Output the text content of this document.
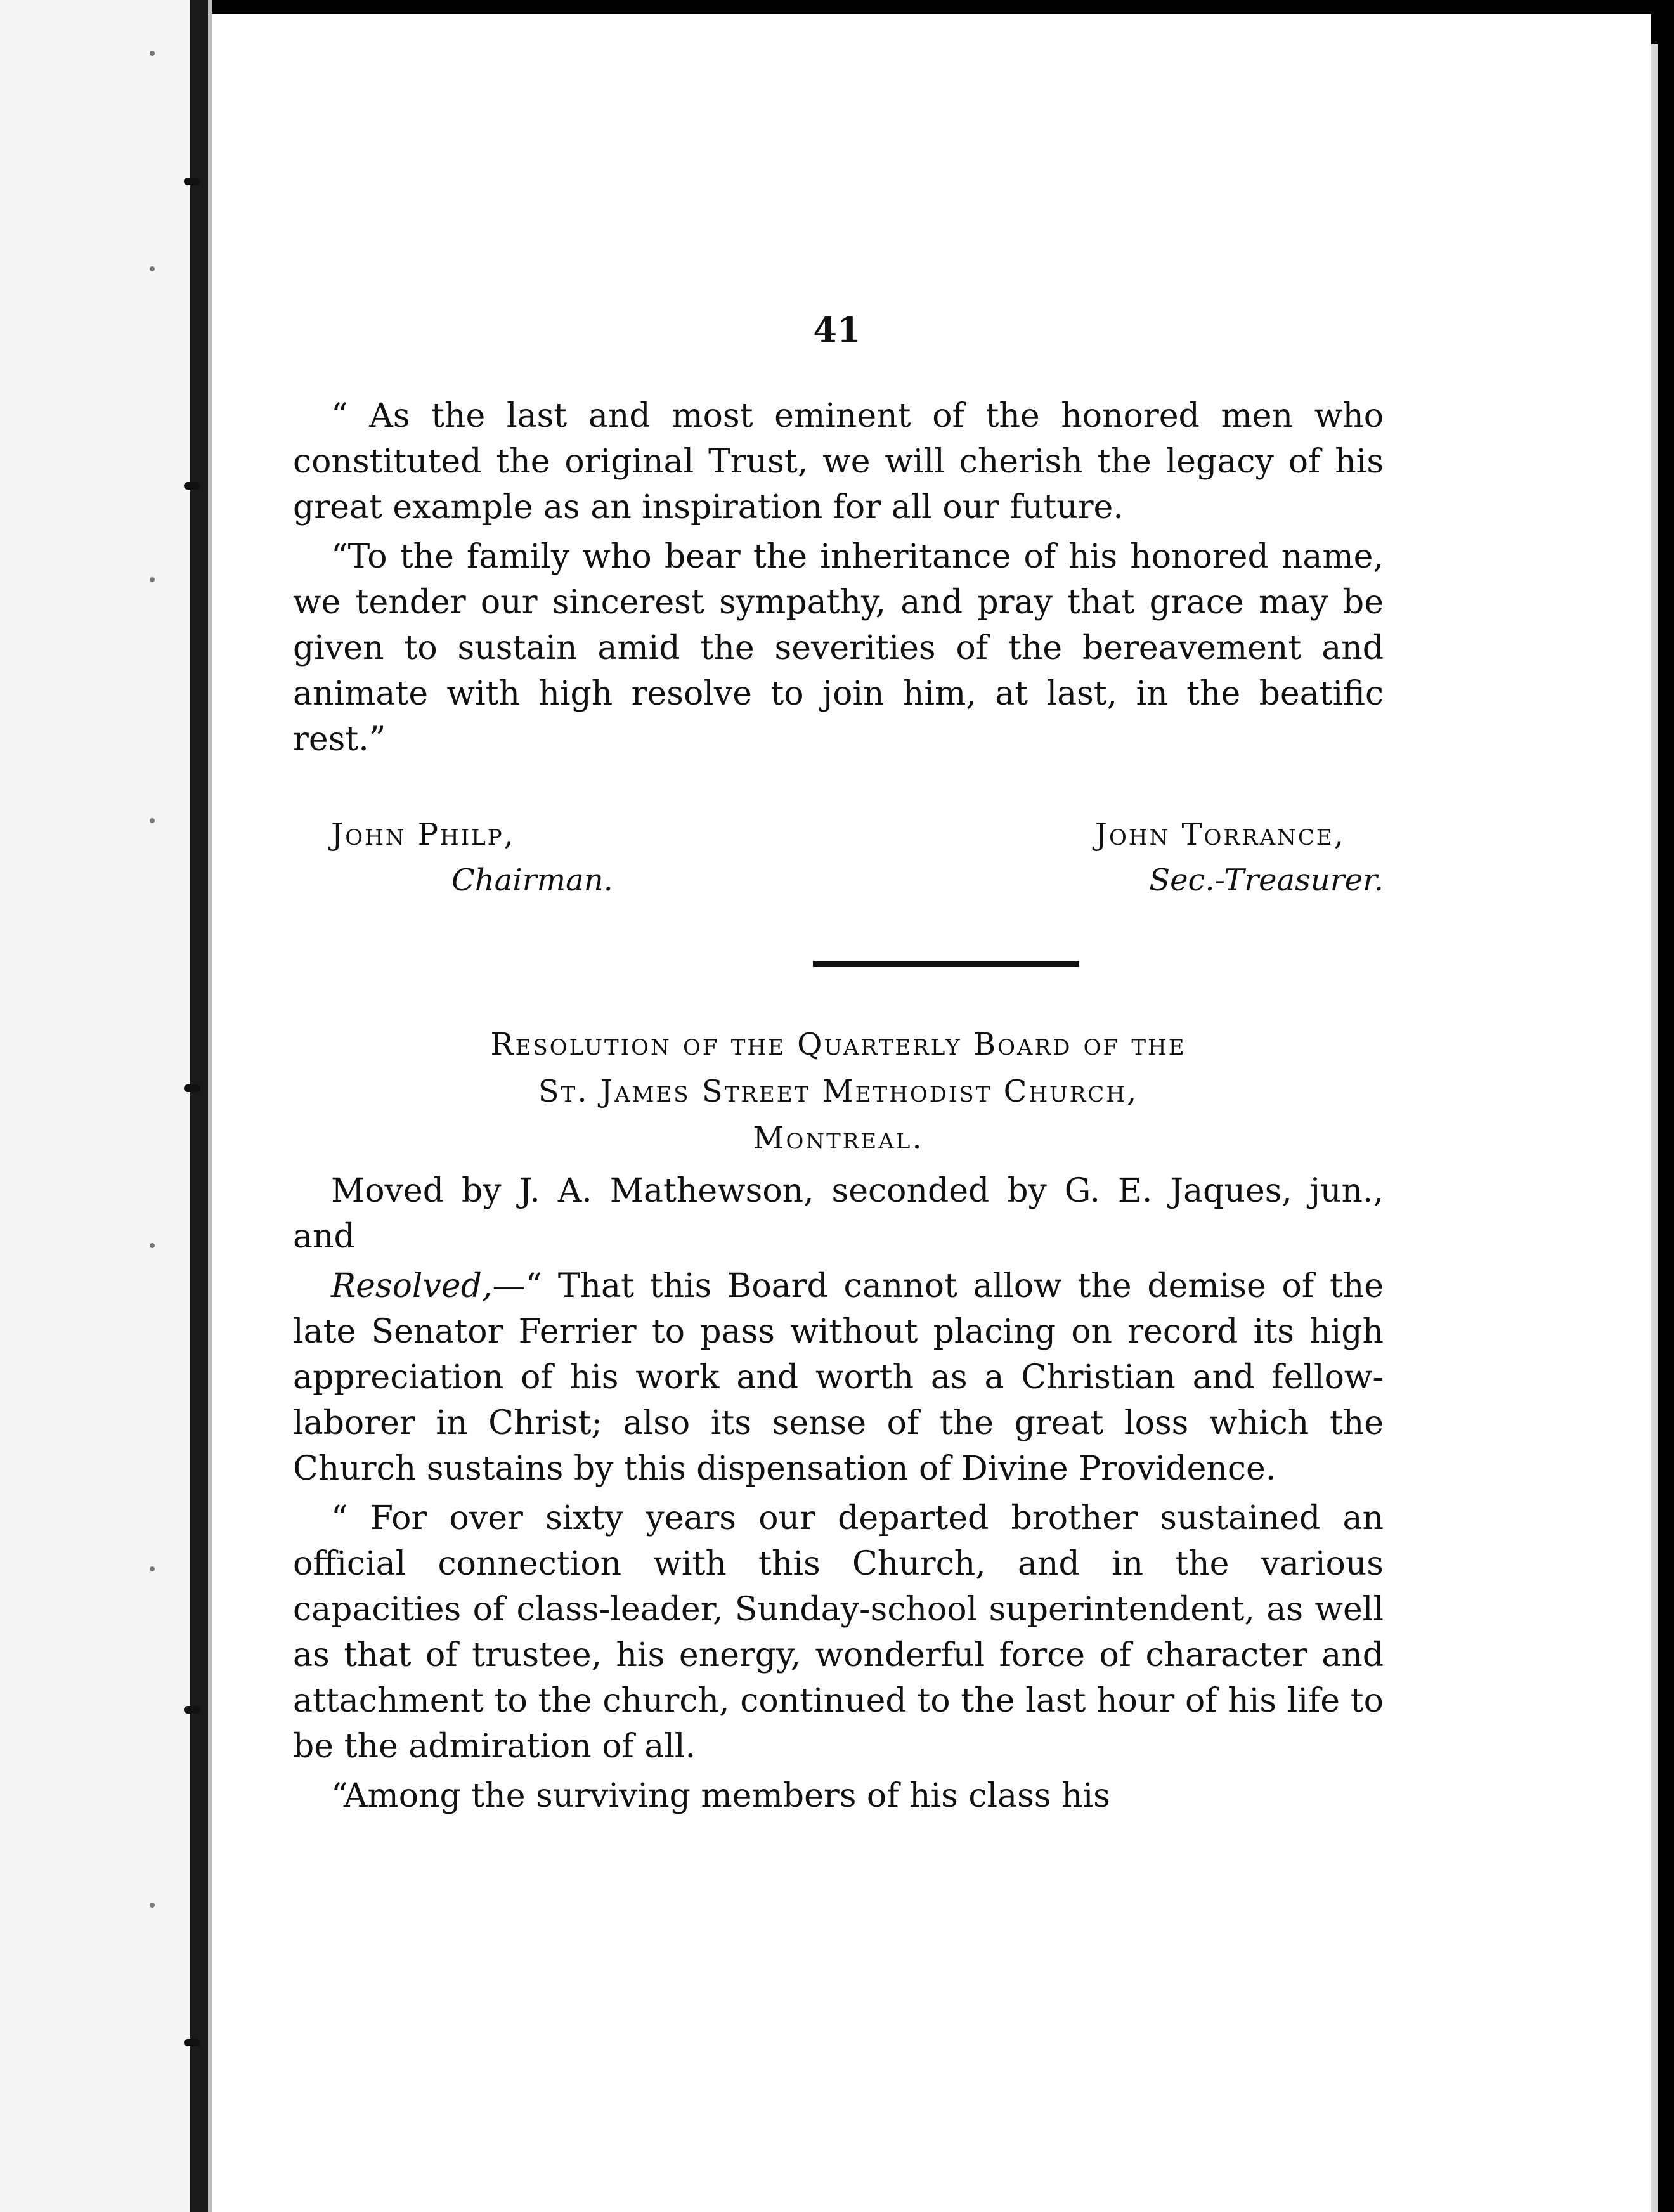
41

“ As the last and most eminent of the honored men who constituted the original Trust, we will cherish the legacy of his great example as an inspiration for all our future.

“To the family who bear the inheritance of his honored name, we tender our sincerest sympathy, and pray that grace may be given to sustain amid the severities of the bereavement and animate with high resolve to join him, at last, in the beatific rest.”

John Philp,	John Torrance,
Chairman.	Sec.-Treasurer.
Resolution of the Quarterly Board of the
St. James Street Methodist Church,
Montreal.

Moved by J. A. Mathewson, seconded by G. E. Jaques, jun., and

Resolved,—“ That this Board cannot allow the demise of the late Senator Ferrier to pass without placing on record its high appreciation of his work and worth as a Christian and fellow-laborer in Christ; also its sense of the great loss which the Church sustains by this dispensation of Divine Providence.

“ For over sixty years our departed brother sustained an official connection with this Church, and in the various capacities of class-leader, Sunday-school superintendent, as well as that of trustee, his energy, wonderful force of character and attachment to the church, continued to the last hour of his life to be the admiration of all.

“Among the surviving members of his class his
